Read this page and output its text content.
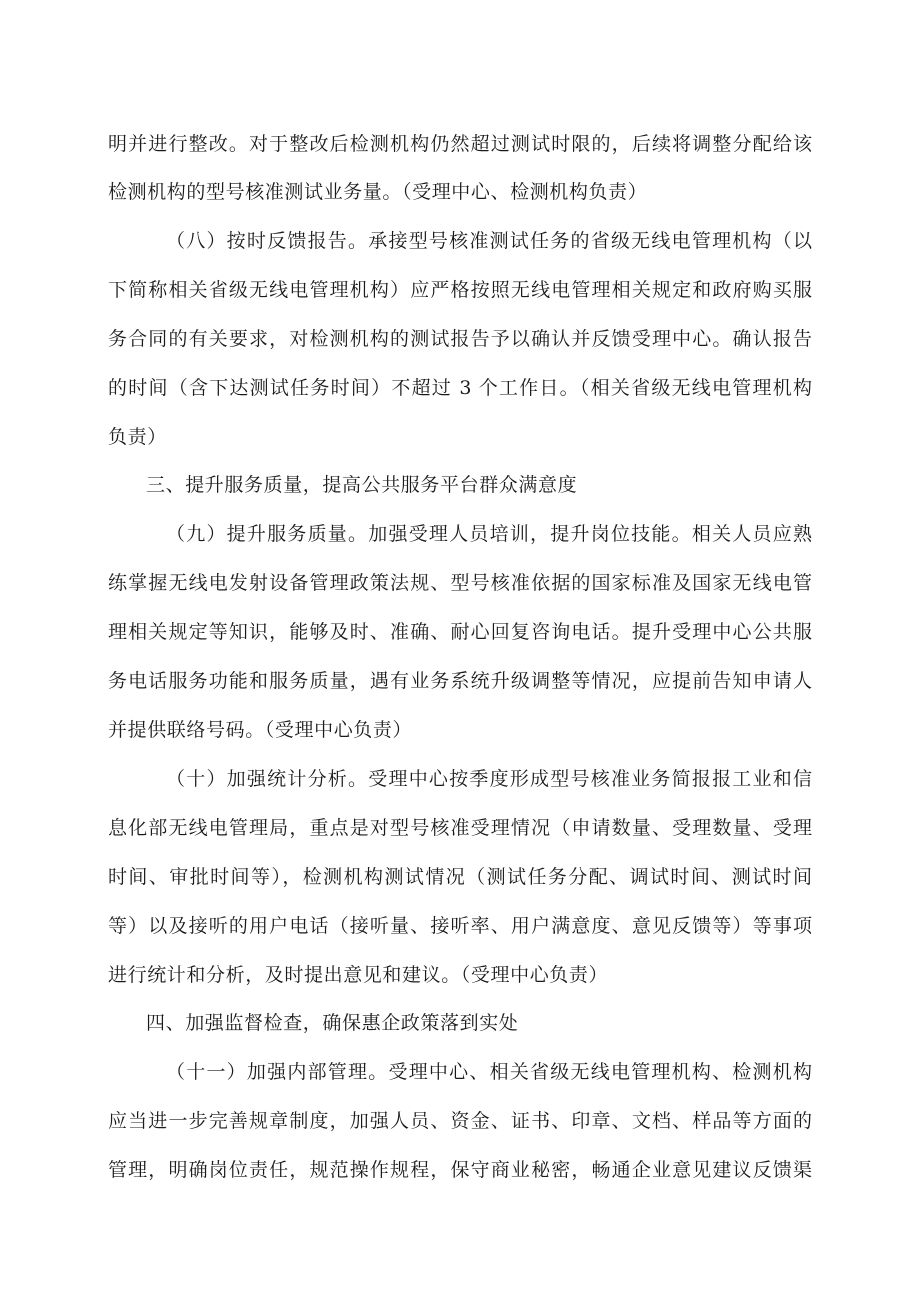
明并进行整改。对于整改后检测机构仍然超过测试时限的，后续将调整分配给该
检测机构的型号核准测试业务量。（受理中心、检测机构负责）
（八）按时反馈报告。承接型号核准测试任务的省级无线电管理机构（以
下简称相关省级无线电管理机构）应严格按照无线电管理相关规定和政府购买服
务合同的有关要求，对检测机构的测试报告予以确认并反馈受理中心。确认报告
的时间（含下达测试任务时间）不超过 3 个工作日。（相关省级无线电管理机构
负责）
三、提升服务质量，提高公共服务平台群众满意度
（九）提升服务质量。加强受理人员培训，提升岗位技能。相关人员应熟
练掌握无线电发射设备管理政策法规、型号核准依据的国家标准及国家无线电管
理相关规定等知识，能够及时、准确、耐心回复咨询电话。提升受理中心公共服
务电话服务功能和服务质量，遇有业务系统升级调整等情况，应提前告知申请人
并提供联络号码。（受理中心负责）
（十）加强统计分析。受理中心按季度形成型号核准业务简报报工业和信
息化部无线电管理局，重点是对型号核准受理情况（申请数量、受理数量、受理
时间、审批时间等），检测机构测试情况（测试任务分配、调试时间、测试时间
等）以及接听的用户电话（接听量、接听率、用户满意度、意见反馈等）等事项
进行统计和分析，及时提出意见和建议。（受理中心负责）
四、加强监督检查，确保惠企政策落到实处
（十一）加强内部管理。受理中心、相关省级无线电管理机构、检测机构
应当进一步完善规章制度，加强人员、资金、证书、印章、文档、样品等方面的
管理，明确岗位责任，规范操作规程，保守商业秘密，畅通企业意见建议反馈渠
